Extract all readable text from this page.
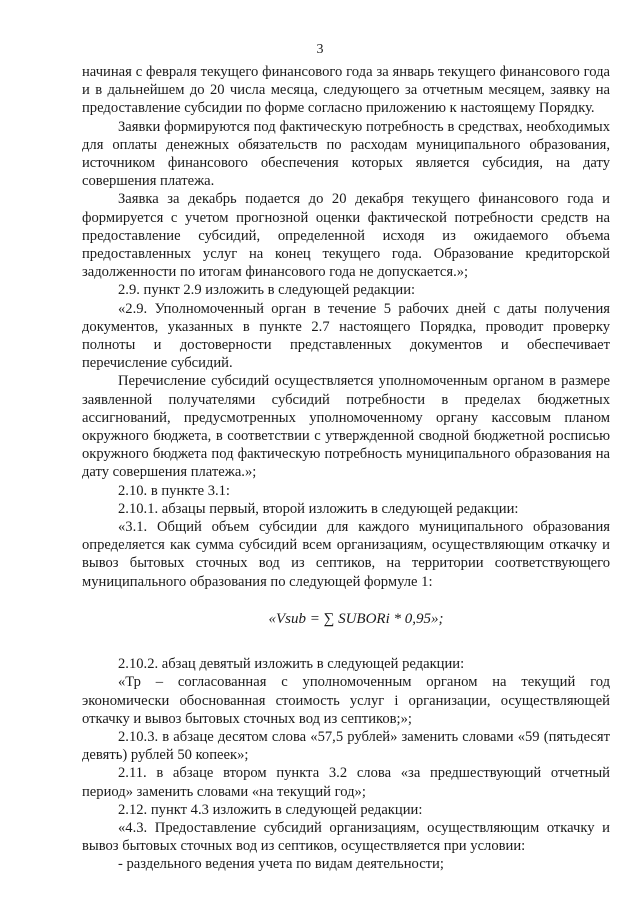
3

начиная с февраля текущего финансового года за январь текущего финансового года и в дальнейшем до 20 числа месяца, следующего за отчетным месяцем, заявку на предоставление субсидии по форме согласно приложению к настоящему Порядку.

Заявки формируются под фактическую потребность в средствах, необходимых для оплаты денежных обязательств по расходам муниципального образования, источником финансового обеспечения которых является субсидия, на дату совершения платежа.

Заявка за декабрь подается до 20 декабря текущего финансового года и формируется с учетом прогнозной оценки фактической потребности средств на предоставление субсидий, определенной исходя из ожидаемого объема предоставленных услуг на конец текущего года. Образование кредиторской задолженности по итогам финансового года не допускается.»;

2.9. пункт 2.9 изложить в следующей редакции:

«2.9. Уполномоченный орган в течение 5 рабочих дней с даты получения документов, указанных в пункте 2.7 настоящего Порядка, проводит проверку полноты и достоверности представленных документов и обеспечивает перечисление субсидий.

Перечисление субсидий осуществляется уполномоченным органом в размере заявленной получателями субсидий потребности в пределах бюджетных ассигнований, предусмотренных уполномоченному органу кассовым планом окружного бюджета, в соответствии с утвержденной сводной бюджетной росписью окружного бюджета под фактическую потребность муниципального образования на дату совершения платежа.»;

2.10. в пункте 3.1:

2.10.1. абзацы первый, второй изложить в следующей редакции:

«3.1. Общий объем субсидии для каждого муниципального образования определяется как сумма субсидий всем организациям, осуществляющим откачку и вывоз бытовых сточных вод из септиков, на территории соответствующего муниципального образования по следующей формуле 1:

«Vsub = ∑ SUBORi * 0,95»;

2.10.2. абзац девятый изложить в следующей редакции:

«Тр – согласованная с уполномоченным органом на текущий год экономически обоснованная стоимость услуг i организации, осуществляющей откачку и вывоз бытовых сточных вод из септиков;»;

2.10.3. в абзаце десятом слова «57,5 рублей» заменить словами «59 (пятьдесят девять) рублей 50 копеек»;

2.11. в абзаце втором пункта 3.2 слова «за предшествующий отчетный период» заменить словами «на текущий год»;

2.12. пункт 4.3 изложить в следующей редакции:

«4.3. Предоставление субсидий организациям, осуществляющим откачку и вывоз бытовых сточных вод из септиков, осуществляется при условии:

- раздельного ведения учета по видам деятельности;
